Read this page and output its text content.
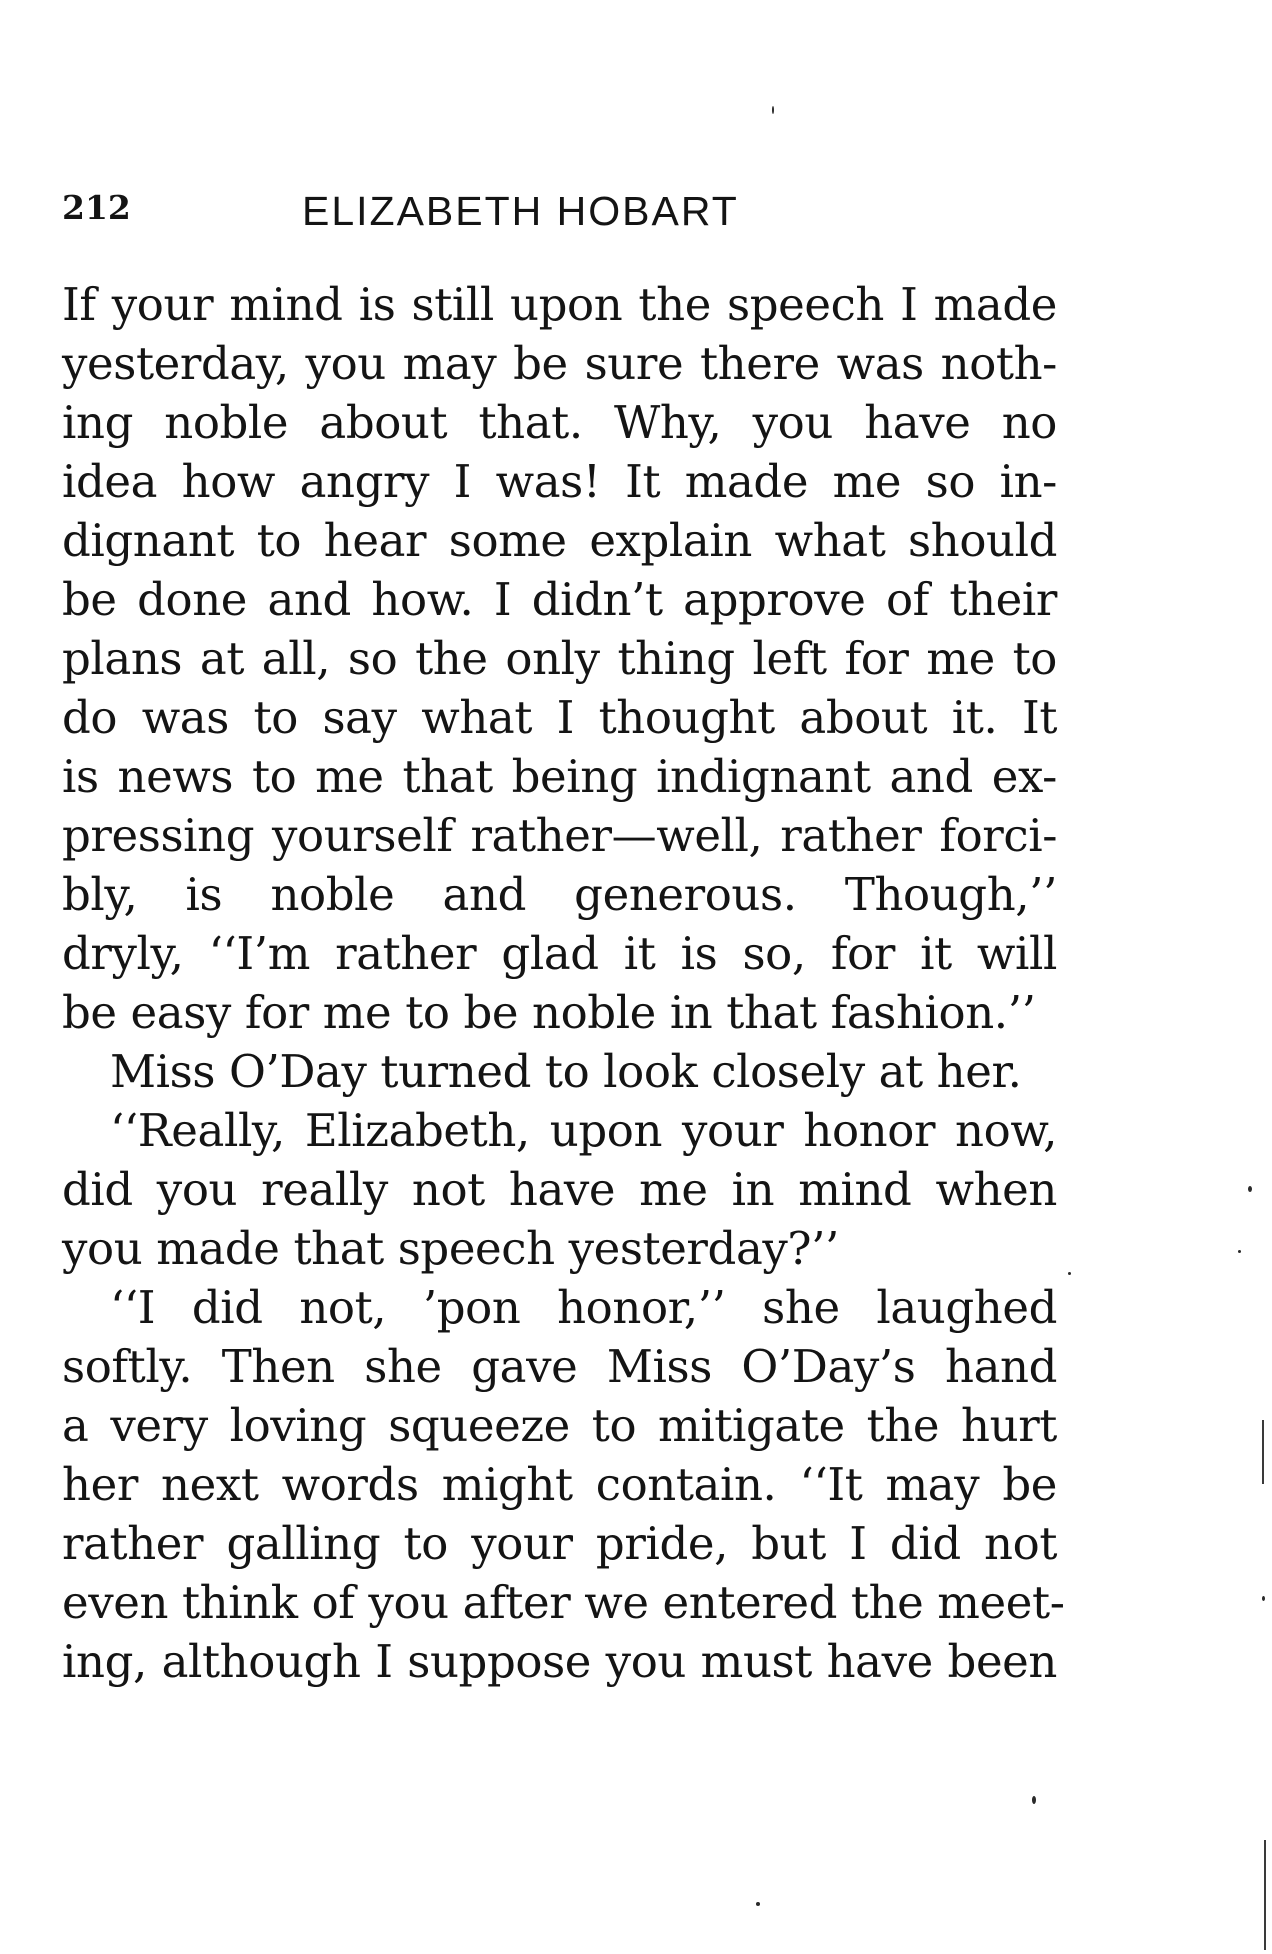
212	ELIZABETH HOBART
If your mind is still upon the speech I made
yesterday, you may be sure there was noth-
ing noble about that. Why, you have no
idea how angry I was! It made me so in-
dignant to hear some explain what should
be done and how. I didn’t approve of their
plans at all, so the only thing left for me to
do was to say what I thought about it. It
is news to me that being indignant and ex-
pressing yourself rather—well, rather forci-
bly, is noble and generous. Though,’’
dryly, ‘‘I’m rather glad it is so, for it will
be easy for me to be noble in that fashion.’’
Miss O’Day turned to look closely at her.
‘‘Really, Elizabeth, upon your honor now,
did you really not have me in mind when
you made that speech yesterday?’’
‘‘I did not, ’pon honor,’’ she laughed
softly. Then she gave Miss O’Day’s hand
a very loving squeeze to mitigate the hurt
her next words might contain. ‘‘It may be
rather galling to your pride, but I did not
even think of you after we entered the meet-
ing, although I suppose you must have been
